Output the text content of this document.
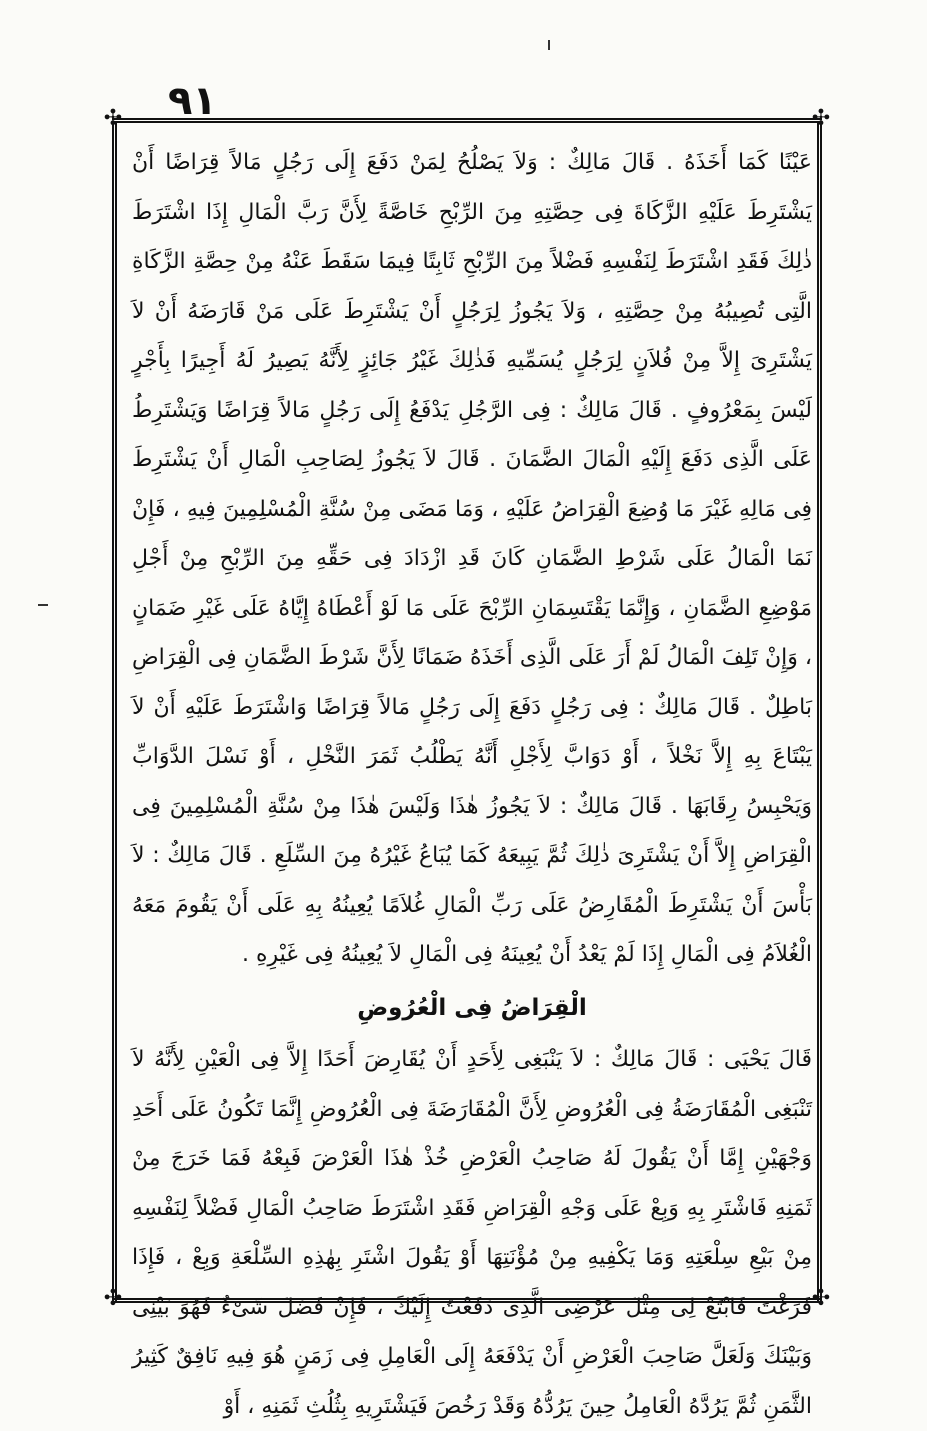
٩١
✣	✣
✣	✣

عَيْنًا كَمَا أَخَذَهُ . قَالَ مَالِكٌ : وَلاَ يَصْلُحُ لِمَنْ دَفَعَ إِلَى رَجُلٍ مَالاً قِرَاضًا أَنْ يَشْتَرِطَ عَلَيْهِ الزَّكَاةَ فِى حِصَّتِهِ مِنَ الرِّبْحِ خَاصَّةً لِأَنَّ رَبَّ الْمَالِ إِذَا اشْتَرَطَ ذٰلِكَ فَقَدِ اشْتَرَطَ لِنَفْسِهِ فَضْلاً مِنَ الرِّبْحِ ثَابِتًا فِيمَا سَقَطَ عَنْهُ مِنْ حِصَّةِ الزَّكَاةِ الَّتِى تُصِيبُهُ مِنْ حِصَّتِهِ ، وَلاَ يَجُوزُ لِرَجُلٍ أَنْ يَشْتَرِطَ عَلَى مَنْ قَارَضَهُ أَنْ لاَ يَشْتَرِىَ إِلاَّ مِنْ فُلاَنٍ لِرَجُلٍ يُسَمِّيهِ فَذٰلِكَ غَيْرُ جَائِزٍ لِأَنَّهُ يَصِيرُ لَهُ أَجِيرًا بِأَجْرٍ لَيْسَ بِمَعْرُوفٍ . قَالَ مَالِكٌ : فِى الرَّجُلِ يَدْفَعُ إِلَى رَجُلٍ مَالاً قِرَاضًا وَيَشْتَرِطُ عَلَى الَّذِى دَفَعَ إِلَيْهِ الْمَالَ الضَّمَانَ . قَالَ لاَ يَجُوزُ لِصَاحِبِ الْمَالِ أَنْ يَشْتَرِطَ فِى مَالِهِ غَيْرَ مَا وُضِعَ الْقِرَاضُ عَلَيْهِ ، وَمَا مَضَى مِنْ سُنَّةِ الْمُسْلِمِينَ فِيهِ ، فَإِنْ نَمَا الْمَالُ عَلَى شَرْطِ الضَّمَانِ كَانَ قَدِ ازْدَادَ فِى حَقِّهِ مِنَ الرِّبْحِ مِنْ أَجْلِ مَوْضِعِ الضَّمَانِ ، وَإِنَّمَا يَقْتَسِمَانِ الرِّبْحَ عَلَى مَا لَوْ أَعْطَاهُ إِيَّاهُ عَلَى غَيْرِ ضَمَانٍ ، وَإِنْ تَلِفَ الْمَالُ لَمْ أَرَ عَلَى الَّذِى أَخَذَهُ ضَمَانًا لِأَنَّ شَرْطَ الضَّمَانِ فِى الْقِرَاضِ بَاطِلٌ . قَالَ مَالِكٌ : فِى رَجُلٍ دَفَعَ إِلَى رَجُلٍ مَالاً قِرَاضًا وَاشْتَرَطَ عَلَيْهِ أَنْ لاَ يَبْتَاعَ بِهِ إِلاَّ نَخْلاً ، أَوْ دَوَابَّ لِأَجْلِ أَنَّهُ يَطْلُبُ ثَمَرَ النَّخْلِ ، أَوْ نَسْلَ الدَّوَابِّ وَيَحْبِسُ رِقَابَهَا . قَالَ مَالِكٌ : لاَ يَجُوزُ هٰذَا وَلَيْسَ هٰذَا مِنْ سُنَّةِ الْمُسْلِمِينَ فِى الْقِرَاضِ إِلاَّ أَنْ يَشْتَرِىَ ذٰلِكَ ثُمَّ يَبِيعَهُ كَمَا يُبَاعُ غَيْرُهُ مِنَ السِّلَعِ . قَالَ مَالِكٌ : لاَ بَأْسَ أَنْ يَشْتَرِطَ الْمُقَارِضُ عَلَى رَبِّ الْمَالِ غُلاَمًا يُعِينُهُ بِهِ عَلَى أَنْ يَقُومَ مَعَهُ الْغُلاَمُ فِى الْمَالِ إِذَا لَمْ يَعْدُ أَنْ يُعِينَهُ فِى الْمَالِ لاَ يُعِينُهُ فِى غَيْرِهِ .

الْقِرَاضُ فِى الْعُرُوضِ

قَالَ يَحْيَى : قَالَ مَالِكٌ : لاَ يَنْبَغِى لِأَحَدٍ أَنْ يُقَارِضَ أَحَدًا إِلاَّ فِى الْعَيْنِ لِأَنَّهُ لاَ تَنْبَغِى الْمُقَارَضَةُ فِى الْعُرُوضِ لِأَنَّ الْمُقَارَضَةَ فِى الْعُرُوضِ إِنَّمَا تَكُونُ عَلَى أَحَدِ وَجْهَيْنِ إِمَّا أَنْ يَقُولَ لَهُ صَاحِبُ الْعَرْضِ خُذْ هٰذَا الْعَرْضَ فَبِعْهُ فَمَا خَرَجَ مِنْ ثَمَنِهِ فَاشْتَرِ بِهِ وَبِعْ عَلَى وَجْهِ الْقِرَاضِ فَقَدِ اشْتَرَطَ صَاحِبُ الْمَالِ فَضْلاً لِنَفْسِهِ مِنْ بَيْعِ سِلْعَتِهِ وَمَا يَكْفِيهِ مِنْ مُؤْنَتِهَا أَوْ يَقُولَ اشْتَرِ بِهٰذِهِ السِّلْعَةِ وَبِعْ ، فَإِذَا فَرَغْتَ فَابْتَعْ لِى مِثْلَ عَرْضِى الَّذِى دَفَعْتُ إِلَيْكَ ، فَإِنْ فَضَلَ شَىْءٌ فَهُوَ بَيْنِى وَبَيْنَكَ وَلَعَلَّ صَاحِبَ الْعَرْضِ أَنْ يَدْفَعَهُ إِلَى الْعَامِلِ فِى زَمَنٍ هُوَ فِيهِ نَافِقٌ كَثِيرُ الثَّمَنِ ثُمَّ يَرُدَّهُ الْعَامِلُ حِينَ يَرُدُّهُ وَقَدْ رَخُصَ فَيَشْتَرِيهِ بِثُلُثِ ثَمَنِهِ ، أَوْ
